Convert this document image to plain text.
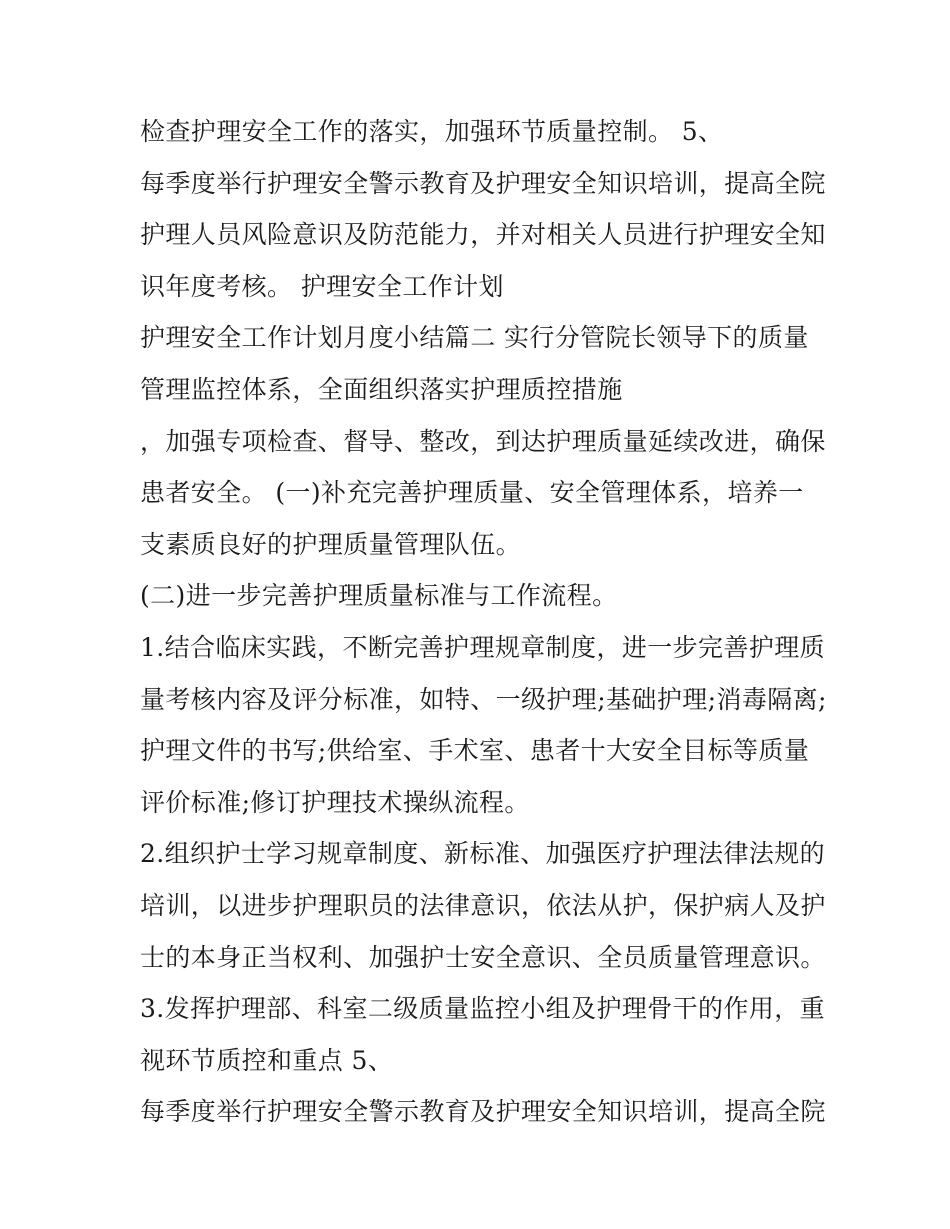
检查护理安全工作的落实，加强环节质量控制。 5、
每季度举行护理安全警示教育及护理安全知识培训，提高全院
护理人员风险意识及防范能力，并对相关人员进行护理安全知
识年度考核。 护理安全工作计划
护理安全工作计划月度小结篇二 实行分管院长领导下的质量
管理监控体系，全面组织落实护理质控措施
，加强专项检查、督导、整改，到达护理质量延续改进，确保
患者安全。 (一)补充完善护理质量、安全管理体系，培养一
支素质良好的护理质量管理队伍。
(二)进一步完善护理质量标准与工作流程。
1.结合临床实践，不断完善护理规章制度，进一步完善护理质
量考核内容及评分标准，如特、一级护理;基础护理;消毒隔离;
护理文件的书写;供给室、手术室、患者十大安全目标等质量
评价标准;修订护理技术操纵流程。
2.组织护士学习规章制度、新标准、加强医疗护理法律法规的
培训，以进步护理职员的法律意识，依法从护，保护病人及护
士的本身正当权利、加强护士安全意识、全员质量管理意识。
3.发挥护理部、科室二级质量监控小组及护理骨干的作用，重
视环节质控和重点 5、
每季度举行护理安全警示教育及护理安全知识培训，提高全院
